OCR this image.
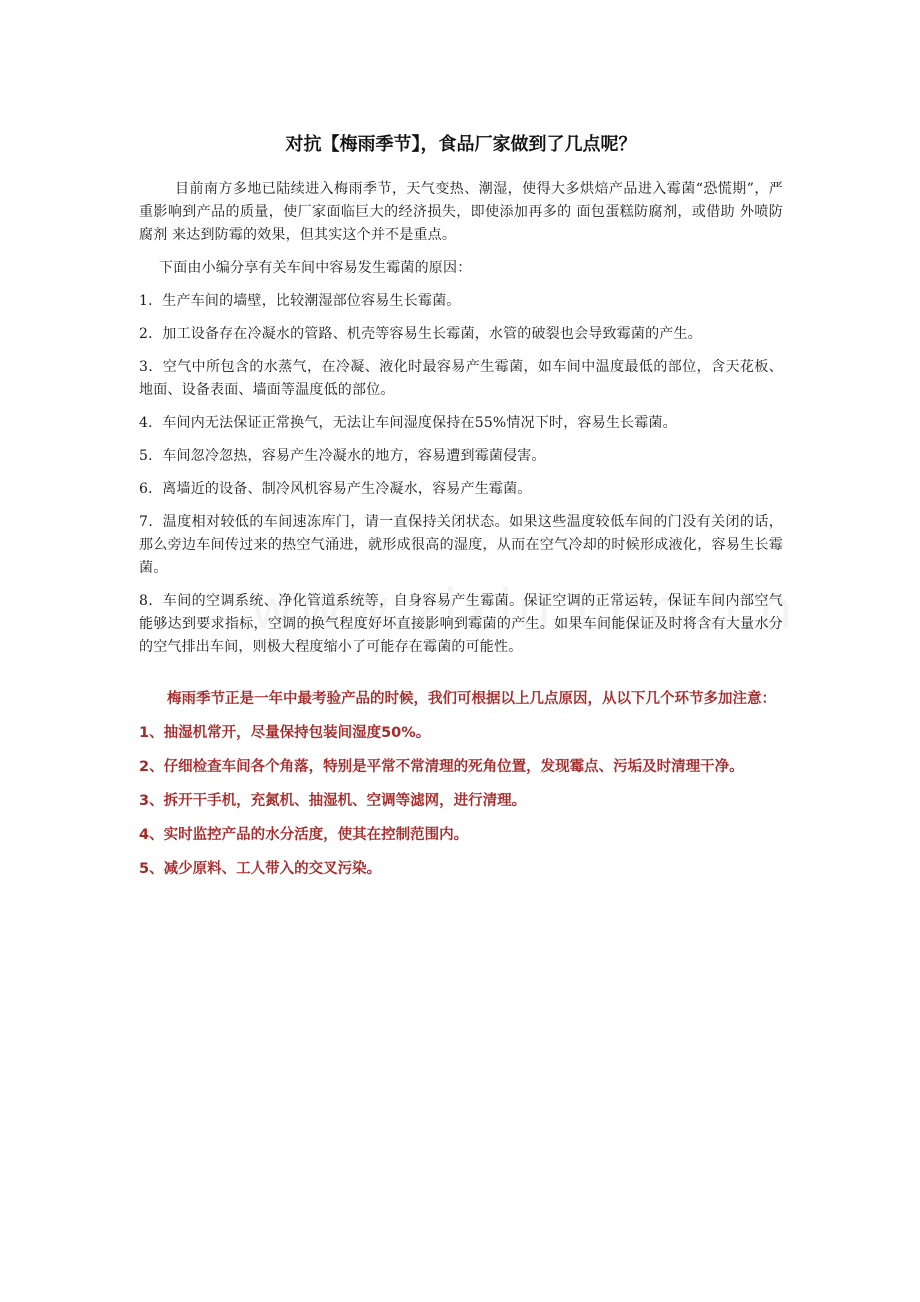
对抗【梅雨季节】，食品厂家做到了几点呢？

目前南方多地已陆续进入梅雨季节，天气变热、潮湿，使得大多烘焙产品进入霉菌“恐慌期”，严重影响到产品的质量，使厂家面临巨大的经济损失，即使添加再多的 面包蛋糕防腐剂，或借助 外喷防腐剂 来达到防霉的效果，但其实这个并不是重点。

下面由小编分享有关车间中容易发生霉菌的原因：

1．生产车间的墙壁，比较潮湿部位容易生长霉菌。
2．加工设备存在冷凝水的管路、机壳等容易生长霉菌，水管的破裂也会导致霉菌的产生。
3．空气中所包含的水蒸气，在冷凝、液化时最容易产生霉菌，如车间中温度最低的部位，含天花板、地面、设备表面、墙面等温度低的部位。
4．车间内无法保证正常换气，无法让车间湿度保持在55%情况下时，容易生长霉菌。
5．车间忽冷忽热，容易产生冷凝水的地方，容易遭到霉菌侵害。
6．离墙近的设备、制冷风机容易产生冷凝水，容易产生霉菌。
7．温度相对较低的车间速冻库门，请一直保持关闭状态。如果这些温度较低车间的门没有关闭的话，那么旁边车间传过来的热空气涌进，就形成很高的湿度，从而在空气冷却的时候形成液化，容易生长霉菌。
8．车间的空调系统、净化管道系统等，自身容易产生霉菌。保证空调的正常运转，保证车间内部空气能够达到要求指标，空调的换气程度好坏直接影响到霉菌的产生。如果车间能保证及时将含有大量水分的空气排出车间，则极大程度缩小了可能存在霉菌的可能性。

梅雨季节正是一年中最考验产品的时候，我们可根据以上几点原因，从以下几个环节多加注意：

1、抽湿机常开，尽量保持包装间湿度50%。
2、仔细检查车间各个角落，特别是平常不常清理的死角位置，发现霉点、污垢及时清理干净。
3、拆开干手机，充氮机、抽湿机、空调等滤网，进行清理。
4、实时监控产品的水分活度，使其在控制范围内。
5、减少原料、工人带入的交叉污染。
